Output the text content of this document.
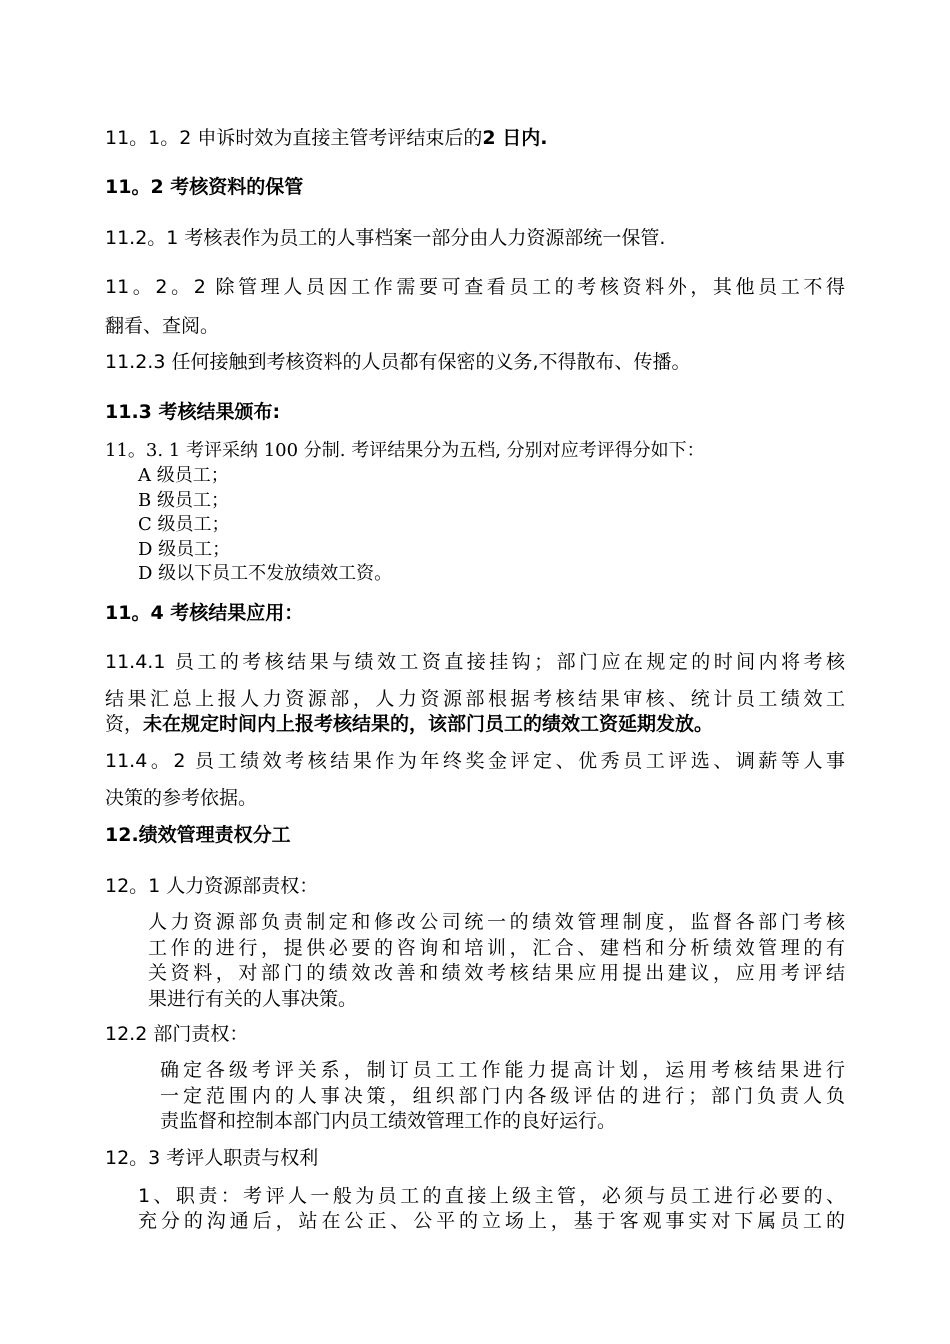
11。1。2 申诉时效为直接主管考评结束后的2 日内.
11。2 考核资料的保管
11.2。1 考核表作为员工的人事档案一部分由人力资源部统一保管.
11。2。2 除管理人员因工作需要可查看员工的考核资料外，其他员工不得
翻看、查阅。
11.2.3 任何接触到考核资料的人员都有保密的义务,不得散布、传播。
11.3 考核结果颁布:
11。3. 1 考评采纳 100 分制. 考评结果分为五档, 分别对应考评得分如下：
A 级员工；
B 级员工；
C 级员工；
D 级员工；
D 级以下员工不发放绩效工资。
11。4 考核结果应用：
11.4.1 员工的考核结果与绩效工资直接挂钩；部门应在规定的时间内将考核
结果汇总上报人力资源部，人力资源部根据考核结果审核、统计员工绩效工
资，未在规定时间内上报考核结果的，该部门员工的绩效工资延期发放。
11.4。2 员工绩效考核结果作为年终奖金评定、优秀员工评选、调薪等人事
决策的参考依据。
12.绩效管理责权分工
12。1 人力资源部责权：
人力资源部负责制定和修改公司统一的绩效管理制度，监督各部门考核
工作的进行，提供必要的咨询和培训，汇合、建档和分析绩效管理的有
关资料，对部门的绩效改善和绩效考核结果应用提出建议，应用考评结
果进行有关的人事决策。
12.2 部门责权：
确定各级考评关系，制订员工工作能力提高计划，运用考核结果进行
一定范围内的人事决策，组织部门内各级评估的进行；部门负责人负
责监督和控制本部门内员工绩效管理工作的良好运行。
12。3 考评人职责与权利
1、职责：考评人一般为员工的直接上级主管，必须与员工进行必要的、
充分的沟通后，站在公正、公平的立场上，基于客观事实对下属员工的
